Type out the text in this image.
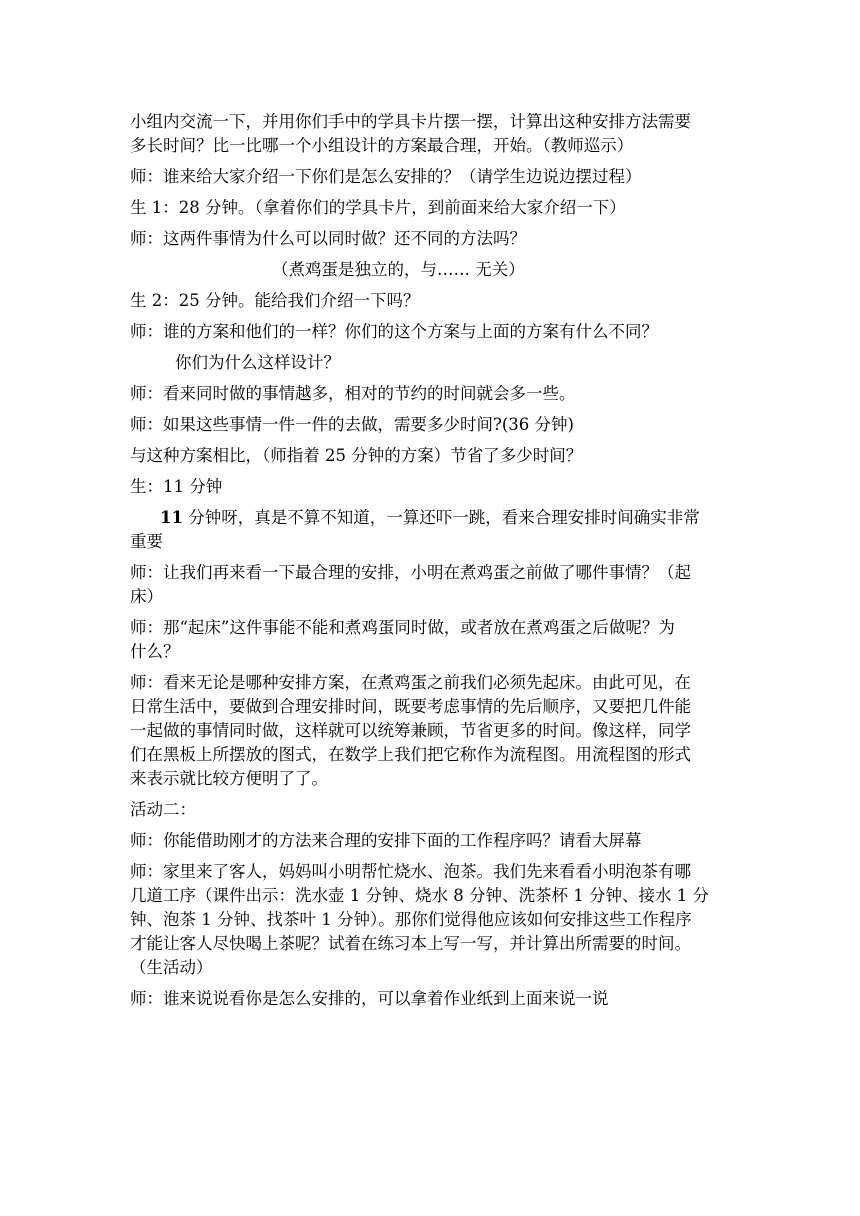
小组内交流一下，并用你们手中的学具卡片摆一摆，计算出这种安排方法需要

多长时间？比一比哪一个小组设计的方案最合理，开始。（教师巡示）

师：谁来给大家介绍一下你们是怎么安排的？（请学生边说边摆过程）

生 1：28 分钟。（拿着你们的学具卡片，到前面来给大家介绍一下）

师：这两件事情为什么可以同时做？还不同的方法吗？

（煮鸡蛋是独立的，与…… 无关）

生 2：25 分钟。能给我们介绍一下吗？

师：谁的方案和他们的一样？你们的这个方案与上面的方案有什么不同？

你们为什么这样设计？

师：看来同时做的事情越多，相对的节约的时间就会多一些。

师：如果这些事情一件一件的去做，需要多少时间?(36 分钟)

与这种方案相比，（师指着 25 分钟的方案）节省了多少时间？

生：11 分钟

11 分钟呀，真是不算不知道，一算还吓一跳，看来合理安排时间确实非常

重要

师：让我们再来看一下最合理的安排，小明在煮鸡蛋之前做了哪件事情？（起

床）

师：那“起床”这件事能不能和煮鸡蛋同时做，或者放在煮鸡蛋之后做呢？为

什么？

师：看来无论是哪种安排方案，在煮鸡蛋之前我们必须先起床。由此可见，在

日常生活中，要做到合理安排时间，既要考虑事情的先后顺序，又要把几件能

一起做的事情同时做，这样就可以统筹兼顾，节省更多的时间。像这样，同学

们在黑板上所摆放的图式，在数学上我们把它称作为流程图。用流程图的形式

来表示就比较方便明了了。

活动二：

师：你能借助刚才的方法来合理的安排下面的工作程序吗？请看大屏幕

师：家里来了客人，妈妈叫小明帮忙烧水、泡茶。我们先来看看小明泡茶有哪

几道工序（课件出示：洗水壶 1 分钟、烧水 8 分钟、洗茶杯 1 分钟、接水 1 分

钟、泡茶 1 分钟、找茶叶 1 分钟）。那你们觉得他应该如何安排这些工作程序

才能让客人尽快喝上茶呢？试着在练习本上写一写，并计算出所需要的时间。

（生活动）

师：谁来说说看你是怎么安排的，可以拿着作业纸到上面来说一说
